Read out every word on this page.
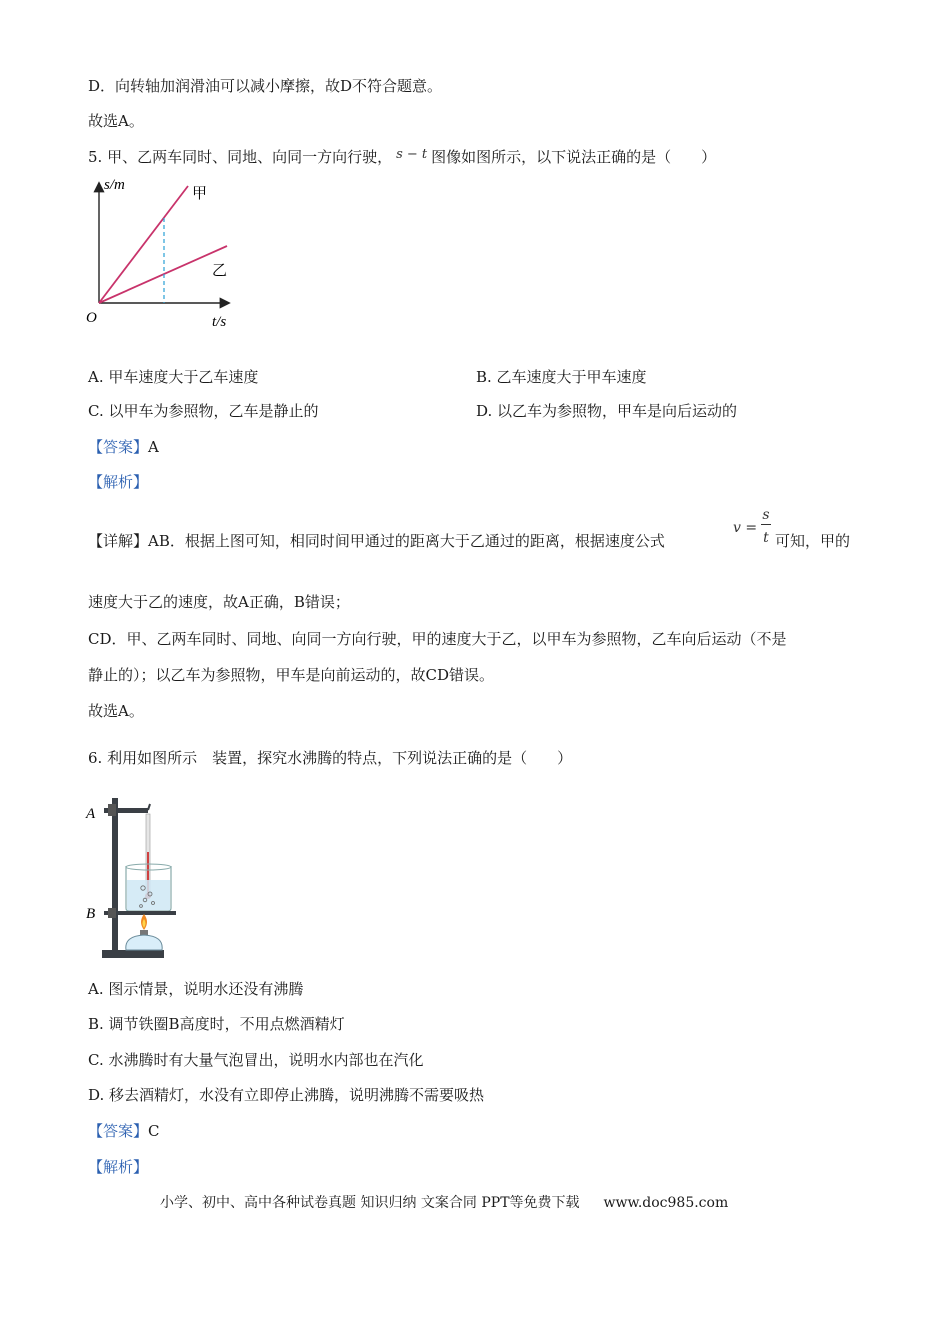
D．向转轴加润滑油可以减小摩擦，故D不符合题意。
故选A。
5. 甲、乙两车同时、同地、向同一方向行驶， s − t 图像如图所示，以下说法正确的是（　　）
s/m
t/s
O
甲
乙
A. 甲车速度大于乙车速度	B. 乙车速度大于甲车速度
C. 以甲车为参照物，乙车是静止的	D. 以乙车为参照物，甲车是向后运动的
【答案】A
【解析】
【详解】AB．根据上图可知，相同时间甲通过的距离大于乙通过的距离，根据速度公式
v =
s
t 可知，甲的
速度大于乙的速度，故A正确，B错误；
CD．甲、乙两车同时、同地、向同一方向行驶，甲的速度大于乙，以甲车为参照物，乙车向后运动（不是
静止的）；以乙车为参照物，甲车是向前运动的，故CD错误。
故选A。
6. 利用如图所示　装置，探究水沸腾的特点，下列说法正确的是（　　）
A
B
A. 图示情景，说明水还没有沸腾
B. 调节铁圈B高度时，不用点燃酒精灯
C. 水沸腾时有大量气泡冒出，说明水内部也在汽化
D. 移去酒精灯，水没有立即停止沸腾，说明沸腾不需要吸热
【答案】C
【解析】
小学、初中、高中各种试卷真题 知识归纳 文案合同 PPT等免费下载 www.doc985.com
